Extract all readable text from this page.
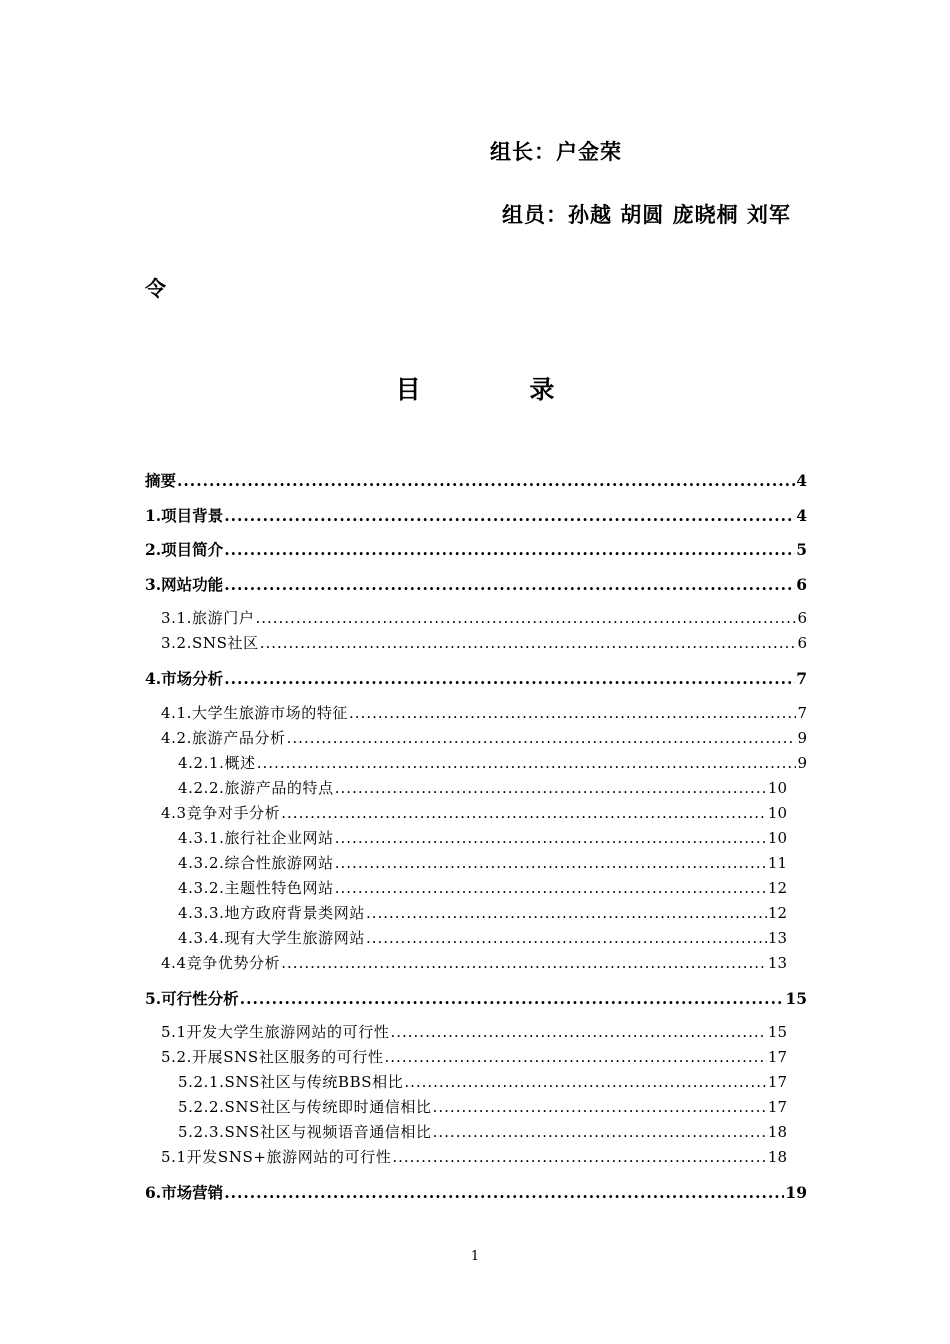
组长：户金荣
组员：孙越 胡圆 庞晓桐 刘军
令
目 录
摘要 .....	4
1.项目背景 .....	4
2.项目简介 .....	5
3.网站功能 .....	6
3.1.旅游门户 .....	6
3.2.SNS社区 .....	6
4.市场分析 .....	7
4.1.大学生旅游市场的特征 .....	7
4.2.旅游产品分析 .....	9
4.2.1.概述 .....	9
4.2.2.旅游产品的特点 .....	10
4.3竞争对手分析 .....	10
4.3.1.旅行社企业网站 .....	10
4.3.2.综合性旅游网站 .....	11
4.3.2.主题性特色网站 .....	12
4.3.3.地方政府背景类网站 .....	12
4.3.4.现有大学生旅游网站 .....	13
4.4竞争优势分析 .....	13
5.可行性分析 .....	15
5.1开发大学生旅游网站的可行性 .....	15
5.2.开展SNS社区服务的可行性 .....	17
5.2.1.SNS社区与传统BBS相比 .....	17
5.2.2.SNS社区与传统即时通信相比 .....	17
5.2.3.SNS社区与视频语音通信相比 .....	18
5.1开发SNS+旅游网站的可行性 .....	18
6.市场营销 .....	19
1
